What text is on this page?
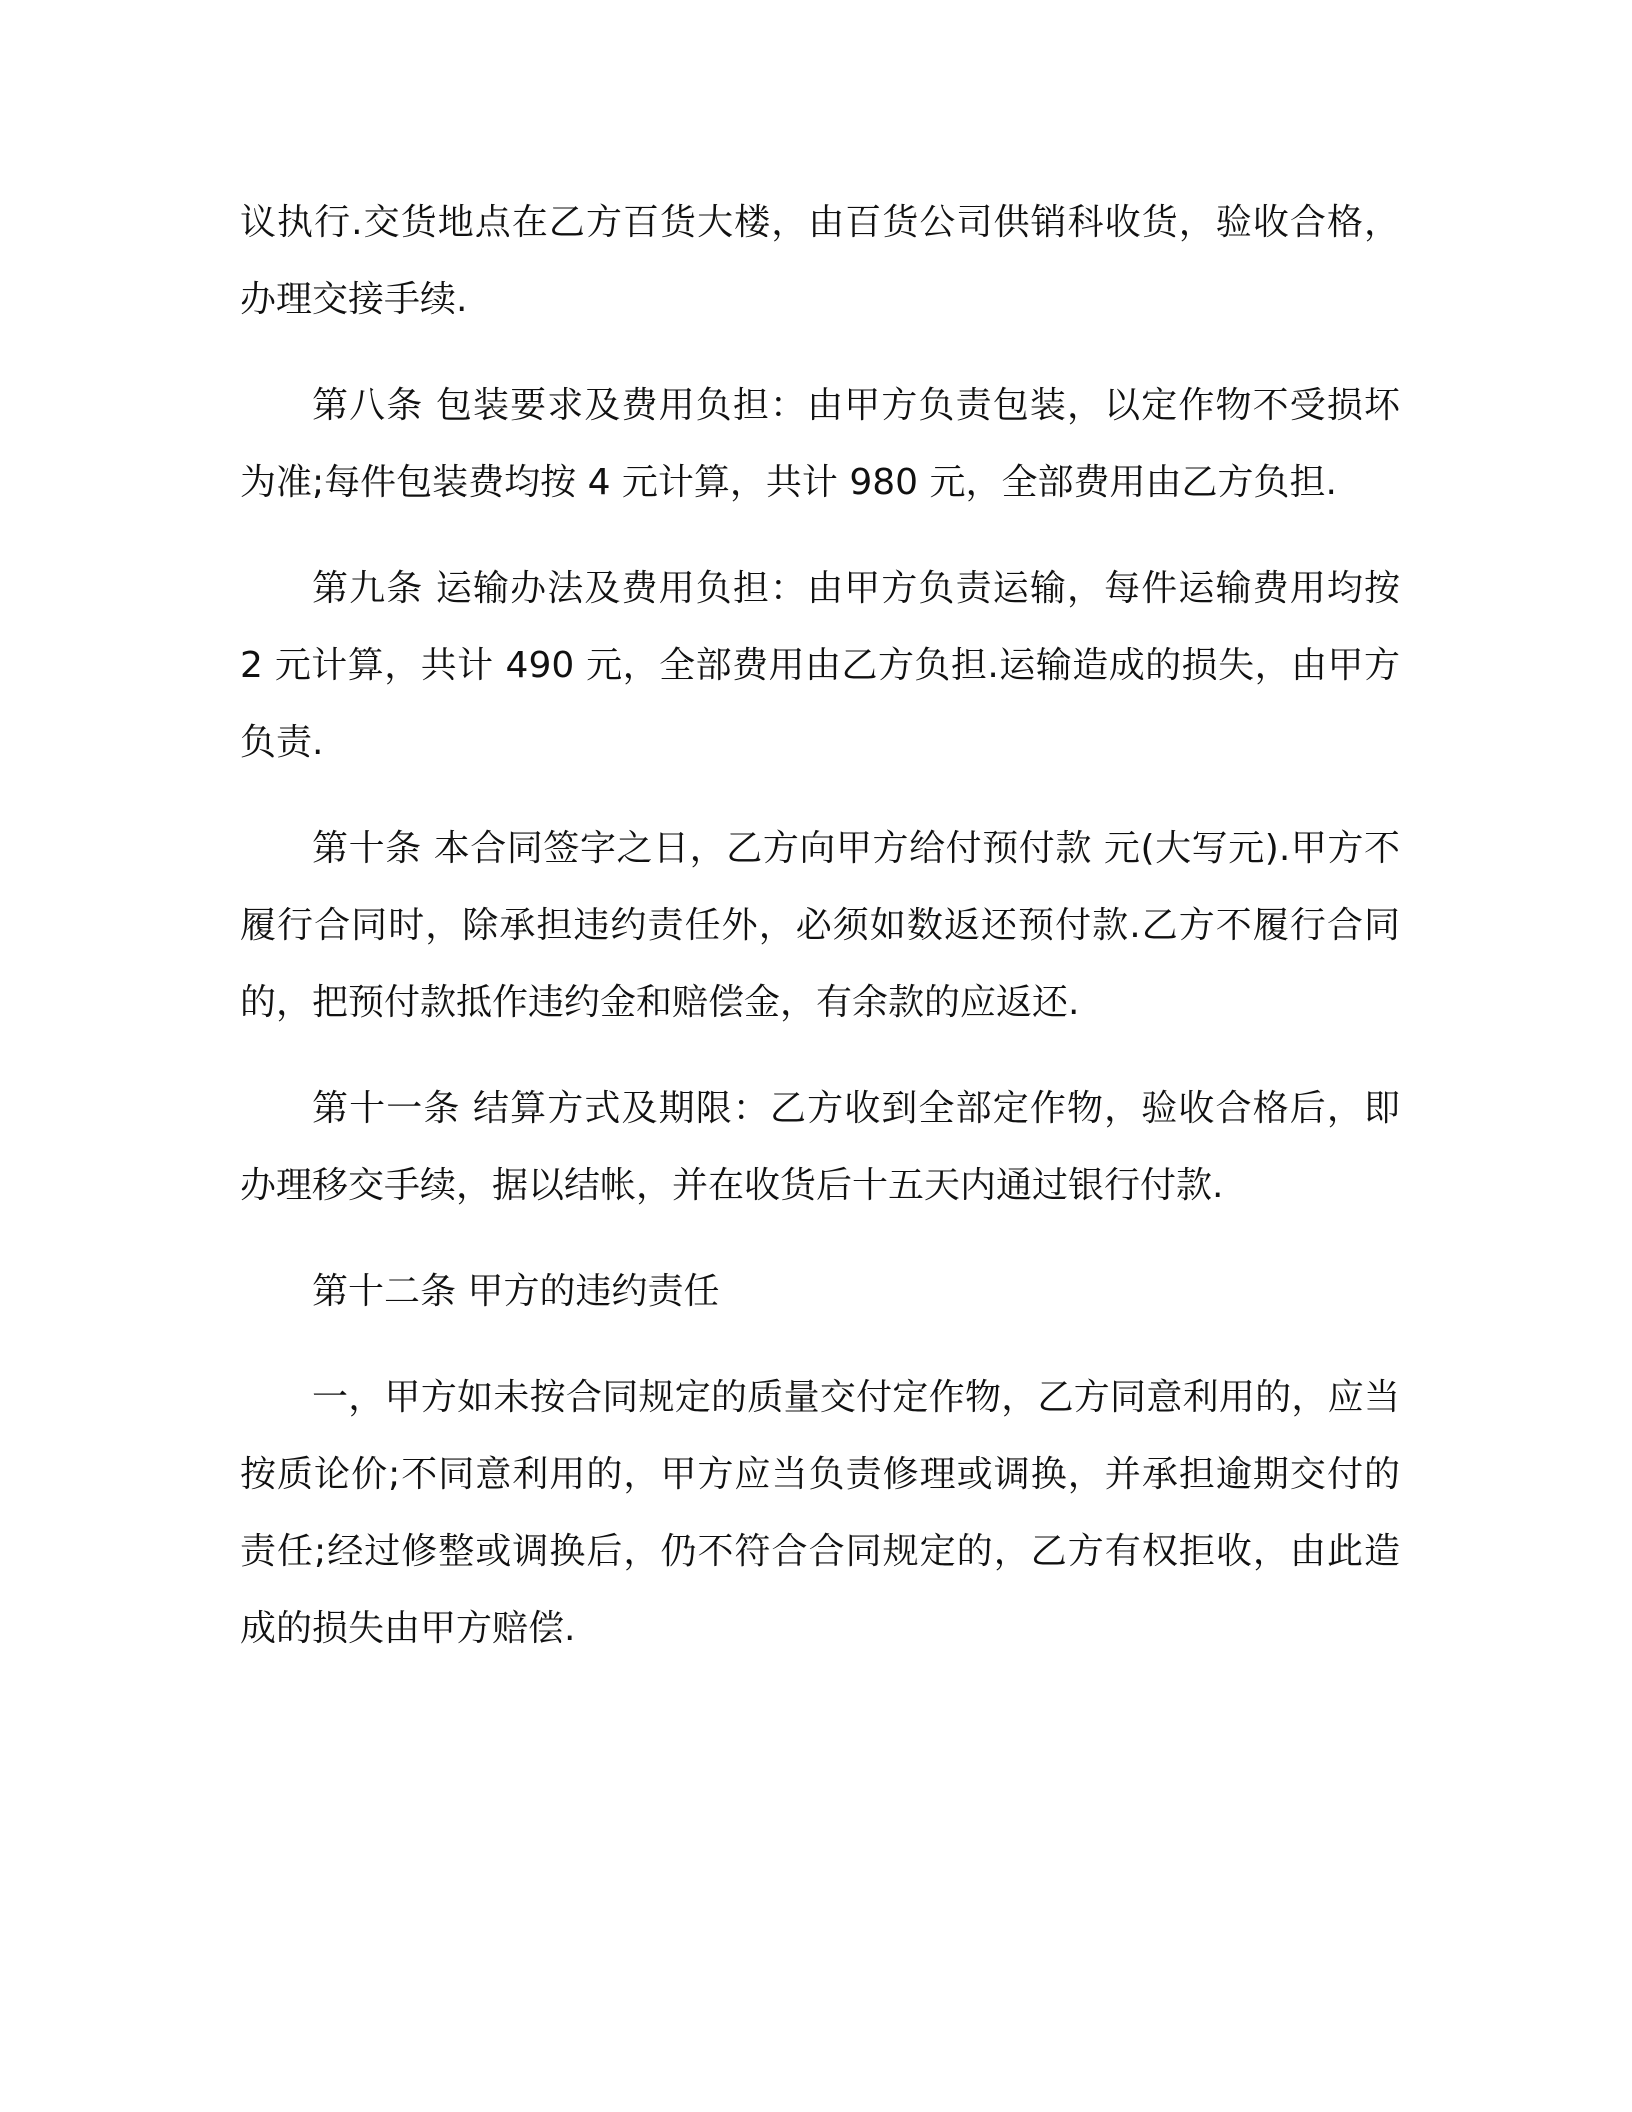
议执行.交货地点在乙方百货大楼，由百货公司供销科收货，验收合格，办理交接手续.

第八条 包装要求及费用负担：由甲方负责包装，以定作物不受损坏为准;每件包装费均按 4 元计算，共计 980 元，全部费用由乙方负担.

第九条 运输办法及费用负担：由甲方负责运输，每件运输费用均按 2 元计算，共计 490 元，全部费用由乙方负担.运输造成的损失，由甲方负责.

第十条 本合同签字之日，乙方向甲方给付预付款 元(大写元).甲方不履行合同时，除承担违约责任外，必须如数返还预付款.乙方不履行合同的，把预付款抵作违约金和赔偿金，有余款的应返还.

第十一条 结算方式及期限：乙方收到全部定作物，验收合格后，即办理移交手续，据以结帐，并在收货后十五天内通过银行付款.

第十二条 甲方的违约责任

一，甲方如未按合同规定的质量交付定作物，乙方同意利用的，应当按质论价;不同意利用的，甲方应当负责修理或调换，并承担逾期交付的责任;经过修整或调换后，仍不符合合同规定的，乙方有权拒收，由此造成的损失由甲方赔偿.
